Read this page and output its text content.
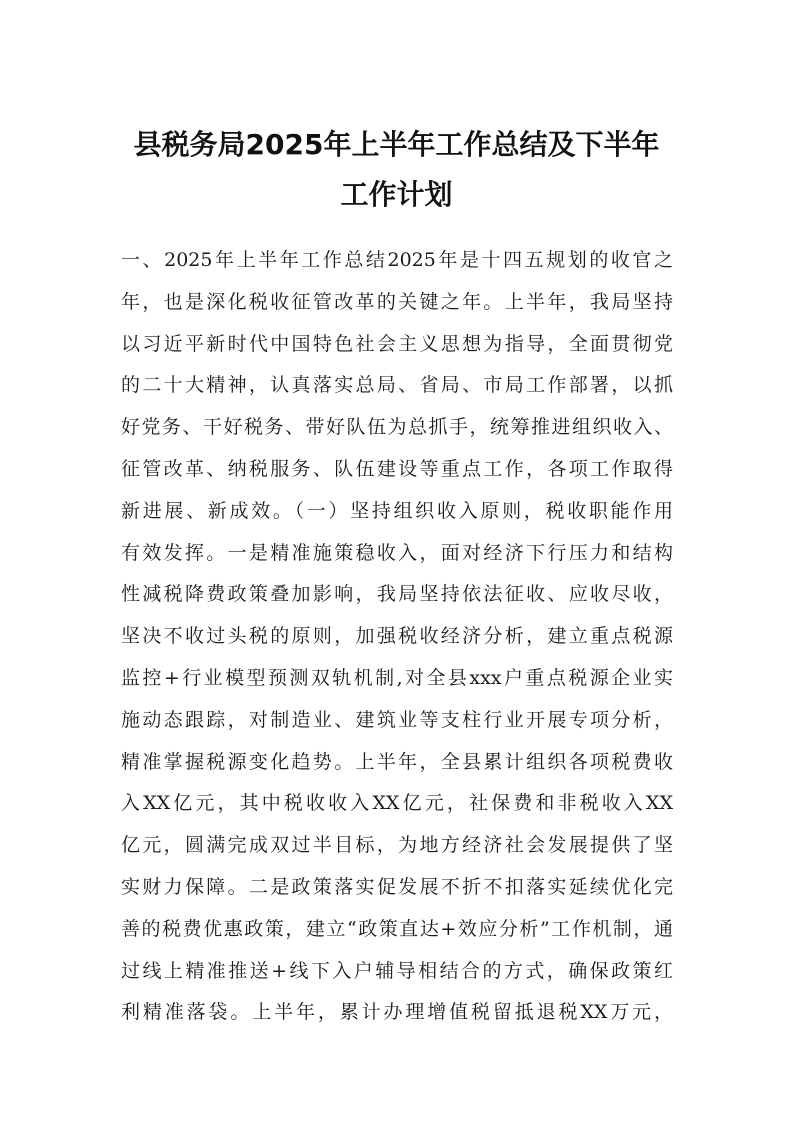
县税务局2025年上半年工作总结及下半年
工作计划
一、2025年上半年工作总结2025年是十四五规划的收官之
年，也是深化税收征管改革的关键之年。上半年，我局坚持
以习近平新时代中国特色社会主义思想为指导，全面贯彻党
的二十大精神，认真落实总局、省局、市局工作部署，以抓
好党务、干好税务、带好队伍为总抓手，统筹推进组织收入、
征管改革、纳税服务、队伍建设等重点工作，各项工作取得
新进展、新成效。（一）坚持组织收入原则，税收职能作用
有效发挥。一是精准施策稳收入，面对经济下行压力和结构
性减税降费政策叠加影响，我局坚持依法征收、应收尽收，
坚决不收过头税的原则，加强税收经济分析，建立重点税源
监控+行业模型预测双轨机制,对全县xxx户重点税源企业实
施动态跟踪，对制造业、建筑业等支柱行业开展专项分析，
精准掌握税源变化趋势。上半年，全县累计组织各项税费收
入XX亿元，其中税收收入XX亿元，社保费和非税收入XX
亿元，圆满完成双过半目标，为地方经济社会发展提供了坚
实财力保障。二是政策落实促发展不折不扣落实延续优化完
善的税费优惠政策，建立“政策直达+效应分析”工作机制，通
过线上精准推送+线下入户辅导相结合的方式，确保政策红
利精准落袋。上半年，累计办理增值税留抵退税XX万元，
